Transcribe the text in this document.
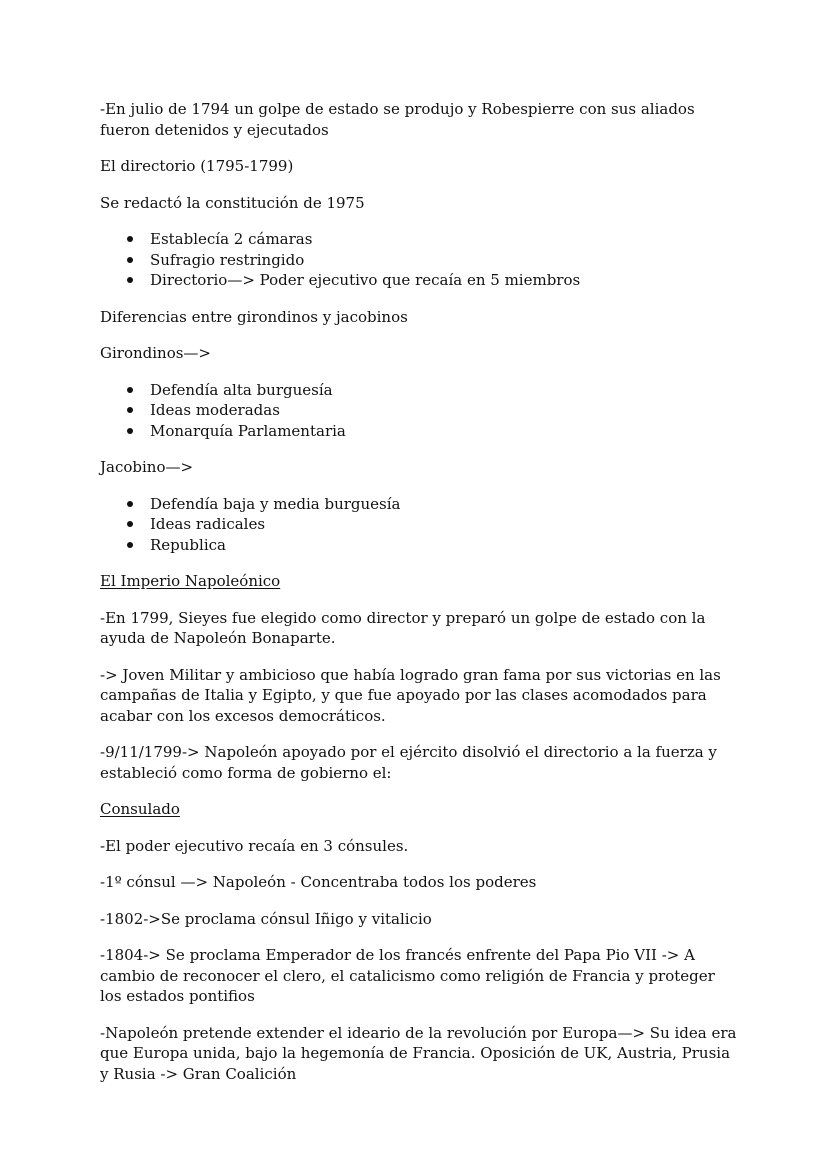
-En julio de 1794 un golpe de estado se produjo y Robespierre con sus aliados fueron detenidos y ejecutados

El directorio (1795-1799)

Se redactó la constitución de 1975

Establecía 2 cámaras
Sufragio restringido
Directorio—> Poder ejecutivo que recaía en 5 miembros

Diferencias entre girondinos y jacobinos

Girondinos—>

Defendía alta burguesía
Ideas moderadas
Monarquía Parlamentaria

Jacobino—>

Defendía baja y media burguesía
Ideas radicales
Republica

El Imperio Napoleónico

-En 1799, Sieyes fue elegido como director y preparó un golpe de estado con la ayuda de Napoleón Bonaparte.

-> Joven Militar y ambicioso que había logrado gran fama por sus victorias en las campañas de Italia y Egipto, y que fue apoyado por las clases acomodados para acabar con los excesos democráticos.

-9/11/1799-> Napoleón apoyado por el ejército disolvió el directorio a la fuerza y estableció como forma de gobierno el:

Consulado

-El poder ejecutivo recaía en 3 cónsules.

-1º cónsul —> Napoleón - Concentraba todos los poderes

-1802->Se proclama cónsul Iñigo y vitalicio

-1804-> Se proclama Emperador de los francés enfrente del Papa Pio VII -> A cambio de reconocer el clero, el catalicismo como religión de Francia y proteger los estados pontifios

-Napoleón pretende extender el ideario de la revolución por Europa—> Su idea era que Europa unida, bajo la hegemonía de Francia. Oposición de UK, Austria, Prusia y Rusia -> Gran Coalición
